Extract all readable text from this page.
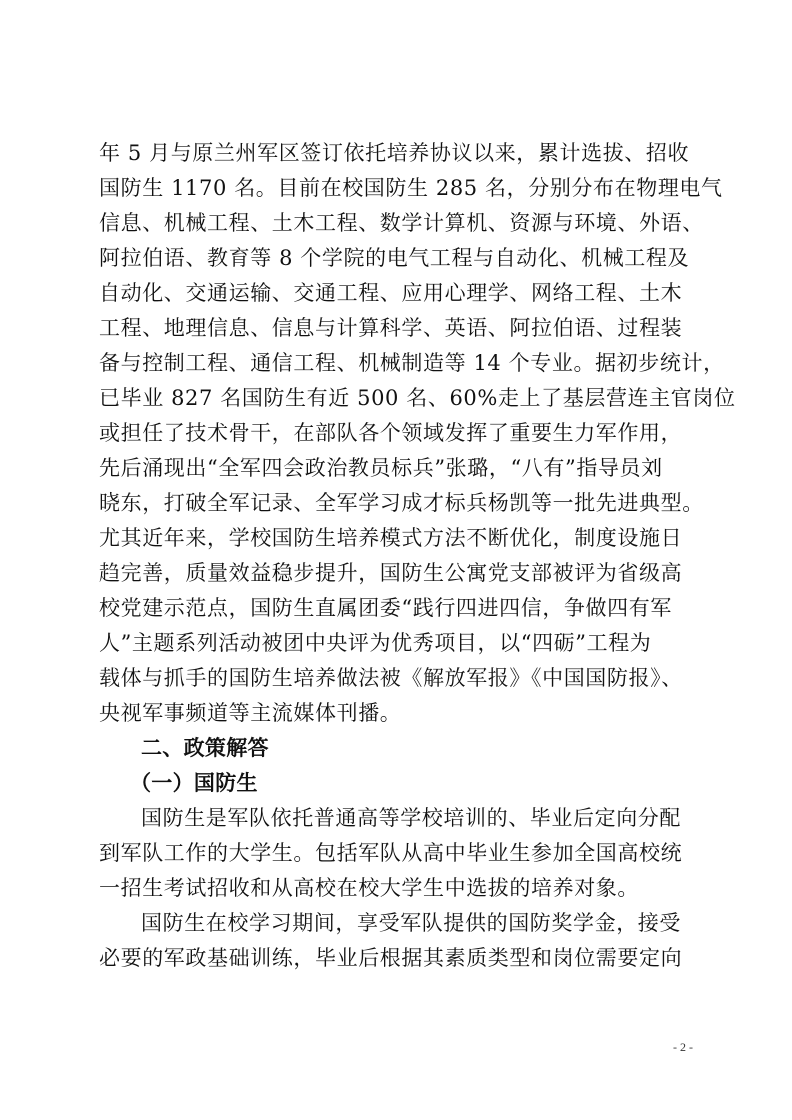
年 5 月与原兰州军区签订依托培养协议以来，累计选拔、招收
国防生 1170 名。目前在校国防生 285 名，分别分布在物理电气
信息、机械工程、土木工程、数学计算机、资源与环境、外语、
阿拉伯语、教育等 8 个学院的电气工程与自动化、机械工程及
自动化、交通运输、交通工程、应用心理学、网络工程、土木
工程、地理信息、信息与计算科学、英语、阿拉伯语、过程装
备与控制工程、通信工程、机械制造等 14 个专业。据初步统计，
已毕业 827 名国防生有近 500 名、60%走上了基层营连主官岗位
或担任了技术骨干，在部队各个领域发挥了重要生力军作用，
先后涌现出“全军四会政治教员标兵”张璐，“八有”指导员刘
晓东，打破全军记录、全军学习成才标兵杨凯等一批先进典型。
尤其近年来，学校国防生培养模式方法不断优化，制度设施日
趋完善，质量效益稳步提升，国防生公寓党支部被评为省级高
校党建示范点，国防生直属团委“践行四进四信，争做四有军
人”主题系列活动被团中央评为优秀项目，以“四砺”工程为
载体与抓手的国防生培养做法被《解放军报》《中国国防报》、
央视军事频道等主流媒体刊播。
二、政策解答
（一）国防生
国防生是军队依托普通高等学校培训的、毕业后定向分配
到军队工作的大学生。包括军队从高中毕业生参加全国高校统
一招生考试招收和从高校在校大学生中选拔的培养对象。
国防生在校学习期间，享受军队提供的国防奖学金，接受
必要的军政基础训练，毕业后根据其素质类型和岗位需要定向
- 2 -
